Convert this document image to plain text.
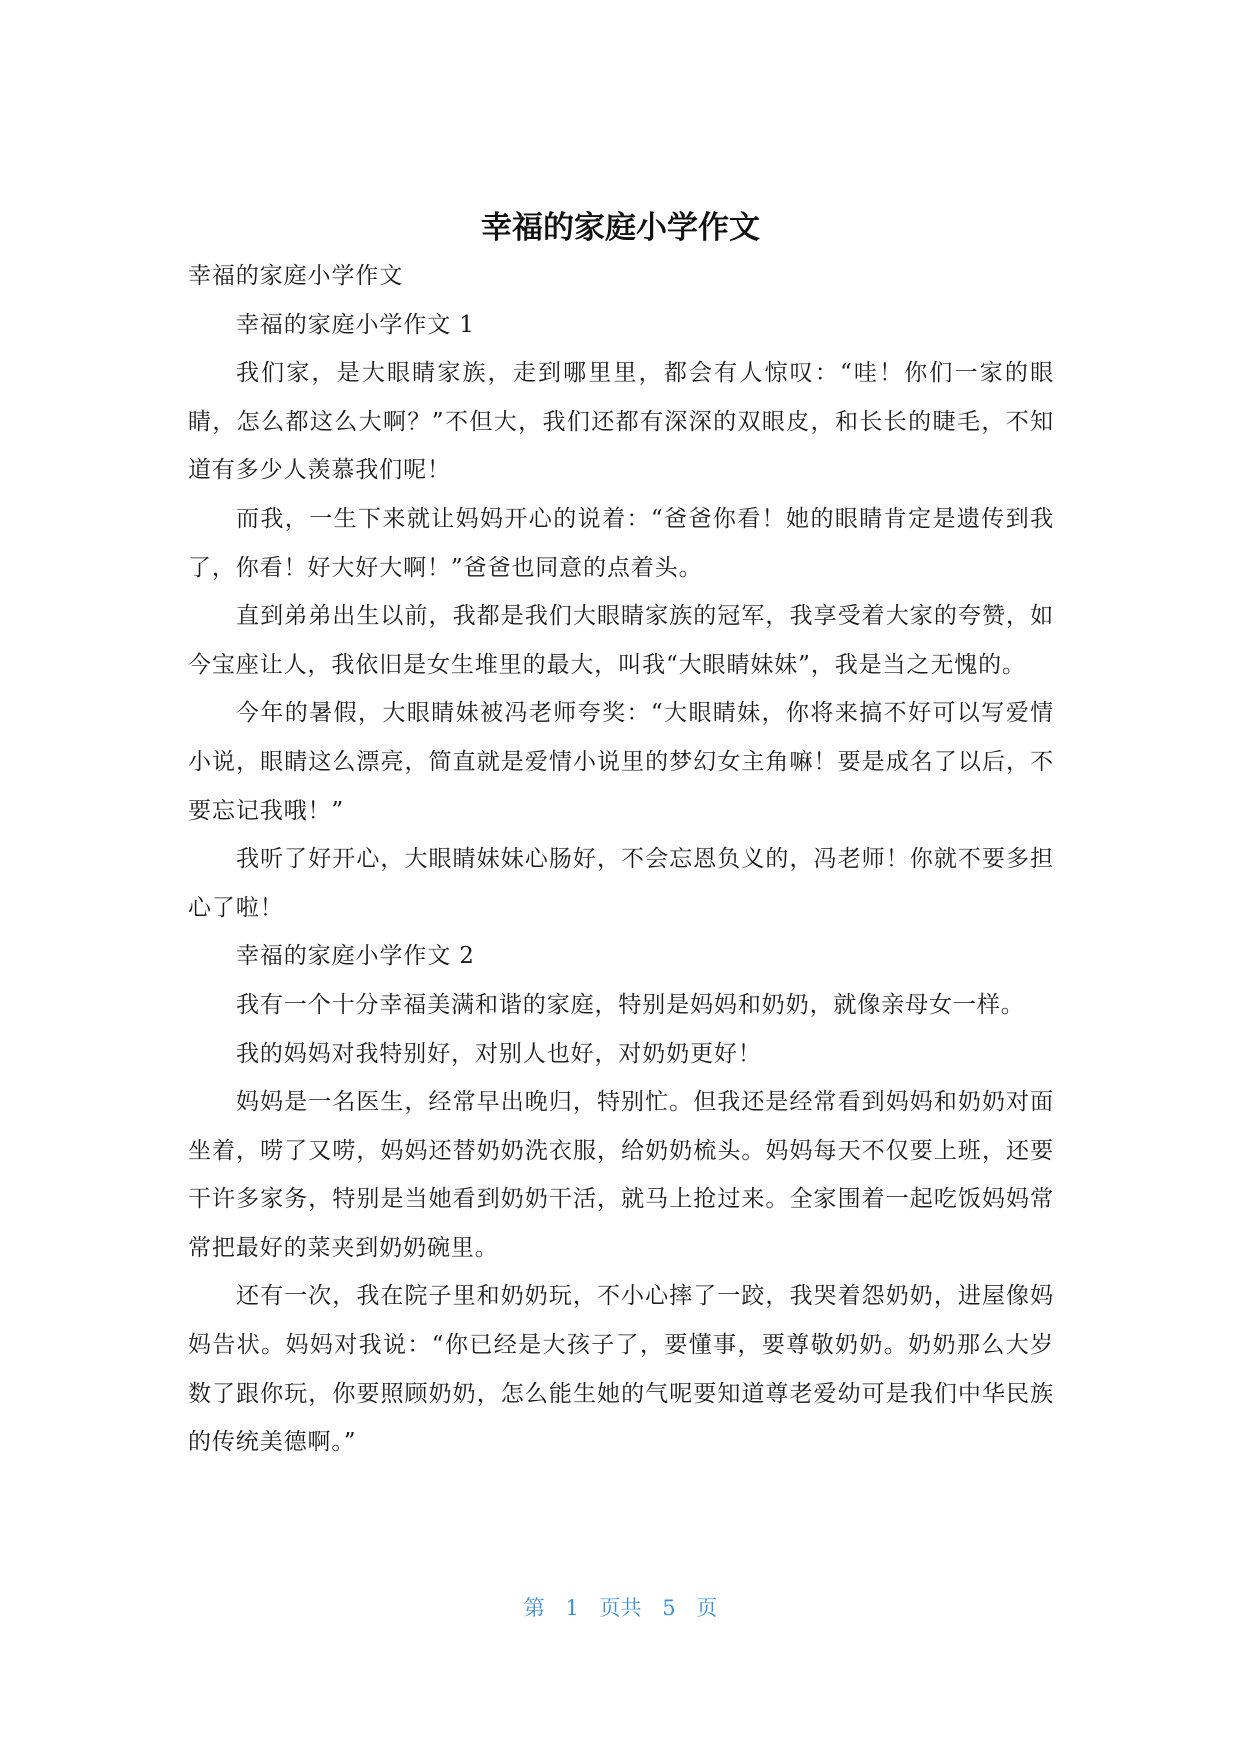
幸福的家庭小学作文

幸福的家庭小学作文

幸福的家庭小学作文 1

我们家，是大眼睛家族，走到哪里里，都会有人惊叹：“哇！你们一家的眼睛，怎么都这么大啊？”不但大，我们还都有深深的双眼皮，和长长的睫毛，不知道有多少人羡慕我们呢！

而我，一生下来就让妈妈开心的说着：“爸爸你看！她的眼睛肯定是遗传到我了，你看！好大好大啊！”爸爸也同意的点着头。

直到弟弟出生以前，我都是我们大眼睛家族的冠军，我享受着大家的夸赞，如今宝座让人，我依旧是女生堆里的最大，叫我“大眼睛妹妹”，我是当之无愧的。

今年的暑假，大眼睛妹被冯老师夸奖：“大眼睛妹，你将来搞不好可以写爱情小说，眼睛这么漂亮，简直就是爱情小说里的梦幻女主角嘛！要是成名了以后，不要忘记我哦！”

我听了好开心，大眼睛妹妹心肠好，不会忘恩负义的，冯老师！你就不要多担心了啦！

幸福的家庭小学作文 2

我有一个十分幸福美满和谐的家庭，特别是妈妈和奶奶，就像亲母女一样。

我的妈妈对我特别好，对别人也好，对奶奶更好！

妈妈是一名医生，经常早出晚归，特别忙。但我还是经常看到妈妈和奶奶对面坐着，唠了又唠，妈妈还替奶奶洗衣服，给奶奶梳头。妈妈每天不仅要上班，还要干许多家务，特别是当她看到奶奶干活，就马上抢过来。全家围着一起吃饭妈妈常常把最好的菜夹到奶奶碗里。

还有一次，我在院子里和奶奶玩，不小心摔了一跤，我哭着怨奶奶，进屋像妈妈告状。妈妈对我说：“你已经是大孩子了，要懂事，要尊敬奶奶。奶奶那么大岁数了跟你玩，你要照顾奶奶，怎么能生她的气呢要知道尊老爱幼可是我们中华民族的传统美德啊。”

第 1 页共 5 页
